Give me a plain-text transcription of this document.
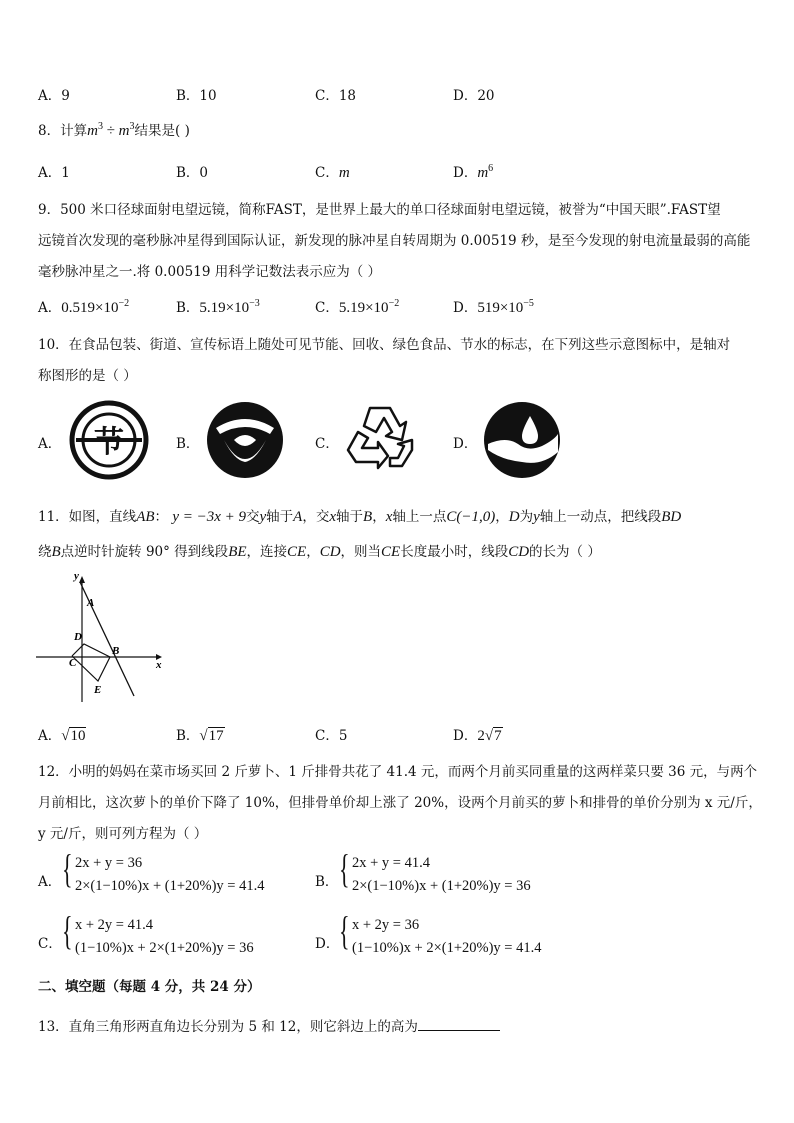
A．9	B．10	C．18	D．20
8．计算$m^3 \div m^3$结果是( )
A．1	B．0	C．m	D．$m^6$
9．500 米口径球面射电望远镜，简称FAST，是世界上最大的单口径球面射电望远镜，被誉为“中国天眼”.FAST望
远镜首次发现的毫秒脉冲星得到国际认证，新发现的脉冲星自转周期为 0.00519 秒，是至今发现的射电流量最弱的高能
毫秒脉冲星之一.将 0.00519 用科学记数法表示应为（ ）
A．$0.519\times 10^{-2}$	B．$5.19\times 10^{-3}$	C．$5.19\times 10^{-2}$	D．$519\times 10^{-5}$
10．在食品包装、街道、宣传标语上随处可见节能、回收、绿色食品、节水的标志，在下列这些示意图标中，是轴对
称图形的是（ ）
A． 节	B．	C．	D．
11．如图，直线AB： y = −3x + 9交y轴于A，交x轴于B，x轴上一点C(−1,0)，D为y轴上一动点，把线段BD
绕B点逆时针旋转 90° 得到线段BE，连接CE，CD，则当CE长度最小时，线段CD的长为（ ）
y
x
A
B
C
D
E
A．√10	B．√17	C．5	D．2√7
12．小明的妈妈在菜市场买回 2 斤萝卜、1 斤排骨共花了 41.4 元，而两个月前买同重量的这两样菜只要 36 元，与两个
月前相比，这次萝卜的单价下降了 10%，但排骨单价却上涨了 20%，设两个月前买的萝卜和排骨的单价分别为 x 元/斤，
y 元/斤，则可列方程为（ ）
A． { 2x + y = 36
2×(1−10%)x + (1+20%)y = 41.4	B． { 2x + y = 41.4
2×(1−10%)x + (1+20%)y = 36
C． { x + 2y = 41.4
(1−10%)x + 2×(1+20%)y = 36	D． { x + 2y = 36
(1−10%)x + 2×(1+20%)y = 41.4
二、填空题（每题 4 分，共 24 分）
13．直角三角形两直角边长分别为 5 和 12，则它斜边上的高为
